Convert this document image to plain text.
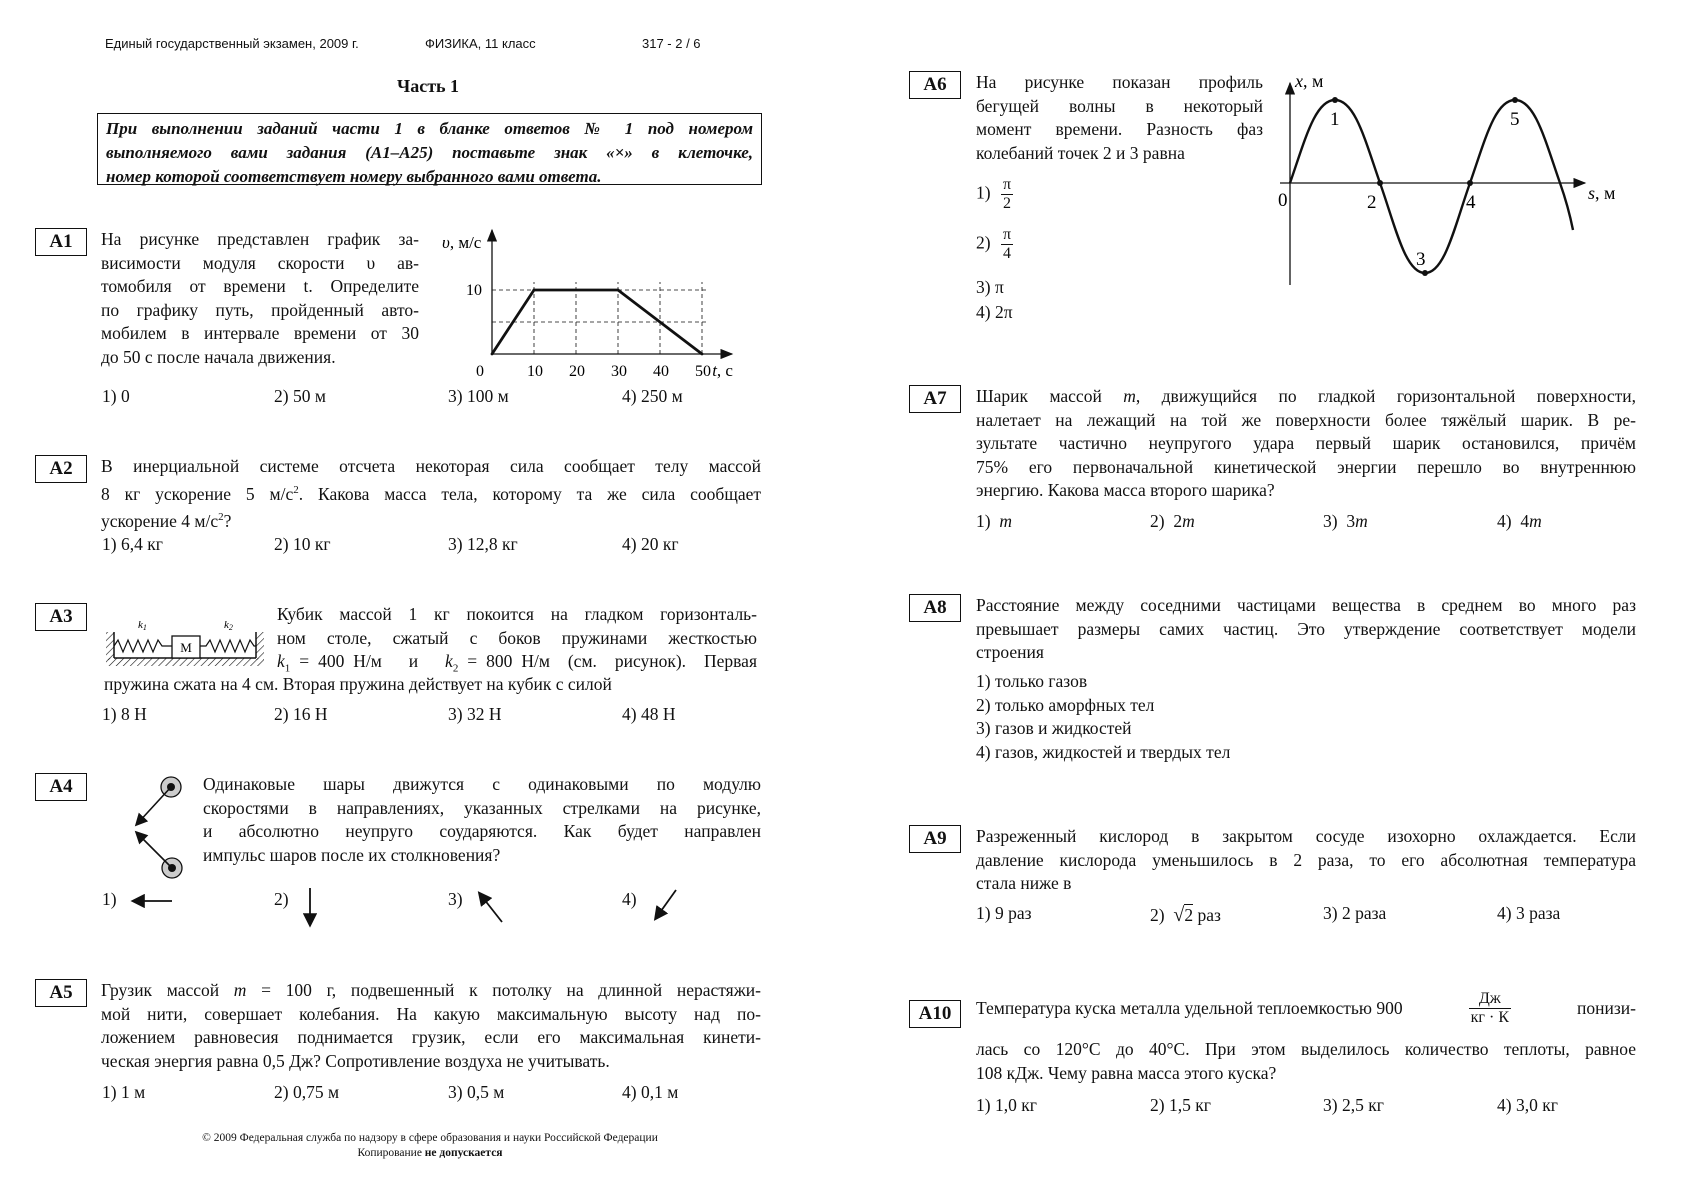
Единый государственный экзамен, 2009 г.	ФИЗИКА, 11 класс	317 - 2 / 6
Часть 1
При выполнении заданий части 1 в бланке ответов № 1 под номером
выполняемого вами задания (А1–А25) поставьте знак «×» в клеточке,
номер которой соответствует номеру выбранного вами ответа.
А1	На рисунке представлен график за-
висимости модуля скорости υ ав-
томобиля от времени t. Определите
по графику путь, пройденный авто-
мобилем в интервале времени от 30
до 50 с после начала движения.
0	10 20 30 40 50
10
υ, м/с
t, c
1) 0	2) 50 м	3) 100 м	4) 250 м
А2	В инерциальной системе отсчета некоторая сила сообщает телу массой
8 кг ускорение 5 $м/с^2$. Какова масса тела, которому та же сила сообщает
ускорение 4 $м/с^2$?
1) 6,4 кг	2) 10 кг	3) 12,8 кг	4) 20 кг
А3
M
k1	k2
Кубик массой 1 кг покоится на гладком горизонталь-
ном столе, сжатый с боков пружинами жесткостью
$k_1 = 400$ Н/м   и   $k_2 = 800$ Н/м  (см.  рисунок).  Первая
пружина сжата на 4 см. Вторая пружина действует на кубик с силой
1) 8 Н	2) 16 Н	3) 32 Н	4) 48 Н
А4	Одинаковые шары движутся с одинаковыми по модулю
скоростями в направлениях, указанных стрелками на рисунке,
и абсолютно неупруго соударяются. Как будет направлен
импульс шаров после их столкновения?
1)	2)	3)	4)
А5	Грузик массой m = 100 г, подвешенный к потолку на длинной нерастяжи-
мой нити, совершает колебания. На какую максимальную высоту над по-
ложением равновесия поднимается грузик, если его максимальная кинети-
ческая энергия равна 0,5 Дж? Сопротивление воздуха не учитывать.
1) 1 м	2) 0,75 м	3) 0,5 м	4) 0,1 м
© 2009 Федеральная служба по надзору в сфере образования и науки Российской Федерации
Копирование не допускается
А6	На рисунке показан профиль
бегущей волны в некоторый
момент времени. Разность фаз
колебаний точек 2 и 3 равна
$1) \frac{\pi}{2}$
$2) \frac{\pi}{4}$
3) π
4) 2π
x, м
s, м
0
1
2
3
4
5
А7	Шарик массой m, движущийся по гладкой горизонтальной поверхности,
налетает на лежащий на той же поверхности более тяжёлый шарик. В ре-
зультате частично неупругого удара первый шарик остановился, причём
75% его первоначальной кинетической энергии перешло во внутреннюю
энергию. Какова масса второго шарика?
1)  m	2)  2m	3)  3m	4)  4m
А8	Расстояние между соседними частицами вещества в среднем во много раз
превышает размеры самих частиц. Это утверждение соответствует модели
строения
1) только газов
2) только аморфных тел
3) газов и жидкостей
4) газов, жидкостей и твердых тел
А9	Разреженный кислород в закрытом сосуде изохорно охлаждается. Если
давление кислорода уменьшилось в 2 раза, то его абсолютная температура
стала ниже в
1) 9 раз	2)  √2 раз	3) 2 раза	4) 3 раза
А10	Температура куска металла удельной теплоемкостью 900	$\frac{Дж}{кг \cdot К}$	понизи-
лась со 120°С до 40°С. При этом выделилось количество теплоты, равное
108 кДж. Чему равна масса этого куска?
1) 1,0 кг	2) 1,5 кг	3) 2,5 кг	4) 3,0 кг
